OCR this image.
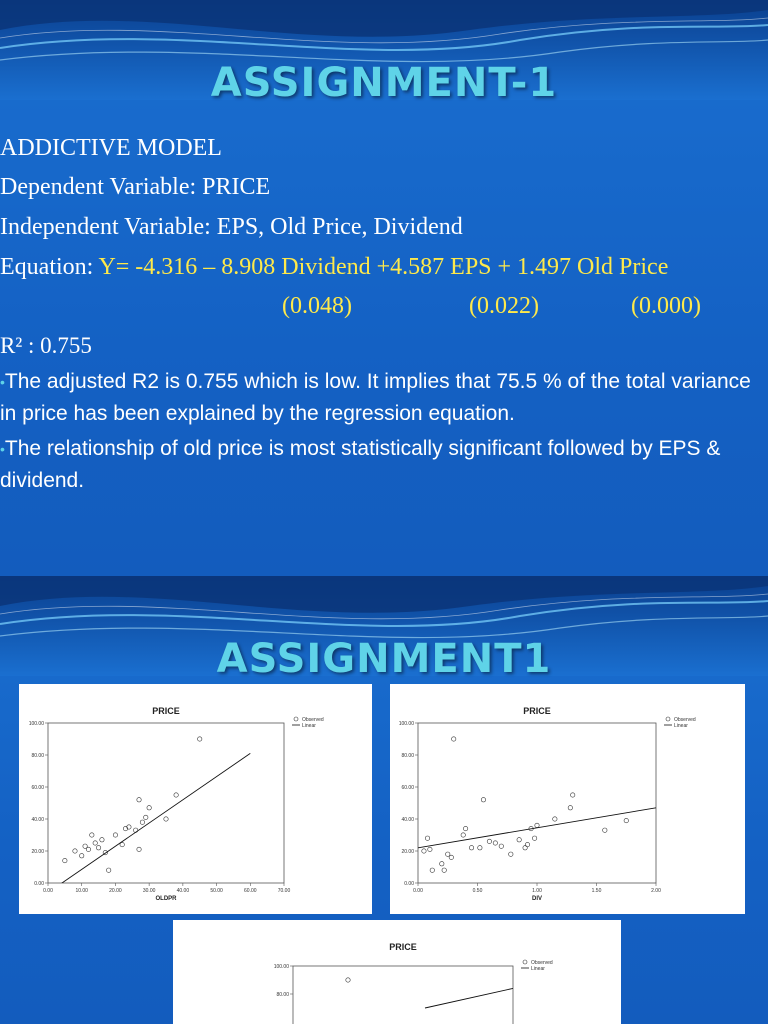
ASSIGNMENT-1
ADDICTIVE MODEL
Dependent Variable: PRICE
Independent Variable: EPS, Old Price, Dividend
Equation: Y= -4.316 – 8.908 Dividend +4.587 EPS + 1.497 Old Price
(0.048)	(0.022)	(0.000)
R² : 0.755
•The adjusted R2 is 0.755 which is low. It implies that 75.5 % of the total variance in price has been explained by the regression equation.
•The relationship of old price is most statistically significant followed by EPS & dividend.
ASSIGNMENT1
PRICE
0.00
20.00
40.00
60.00
80.00
100.00
0.00	10.00	20.00	30.00	40.00	50.00	60.00	70.00
OLDPR
Observed
Linear
PRICE
0.00
20.00
40.00
60.00
80.00
100.00
0.00	0.50	1.00	1.50	2.00
DIV
Observed
Linear
PRICE
80.00
100.00
Observed
Linear
